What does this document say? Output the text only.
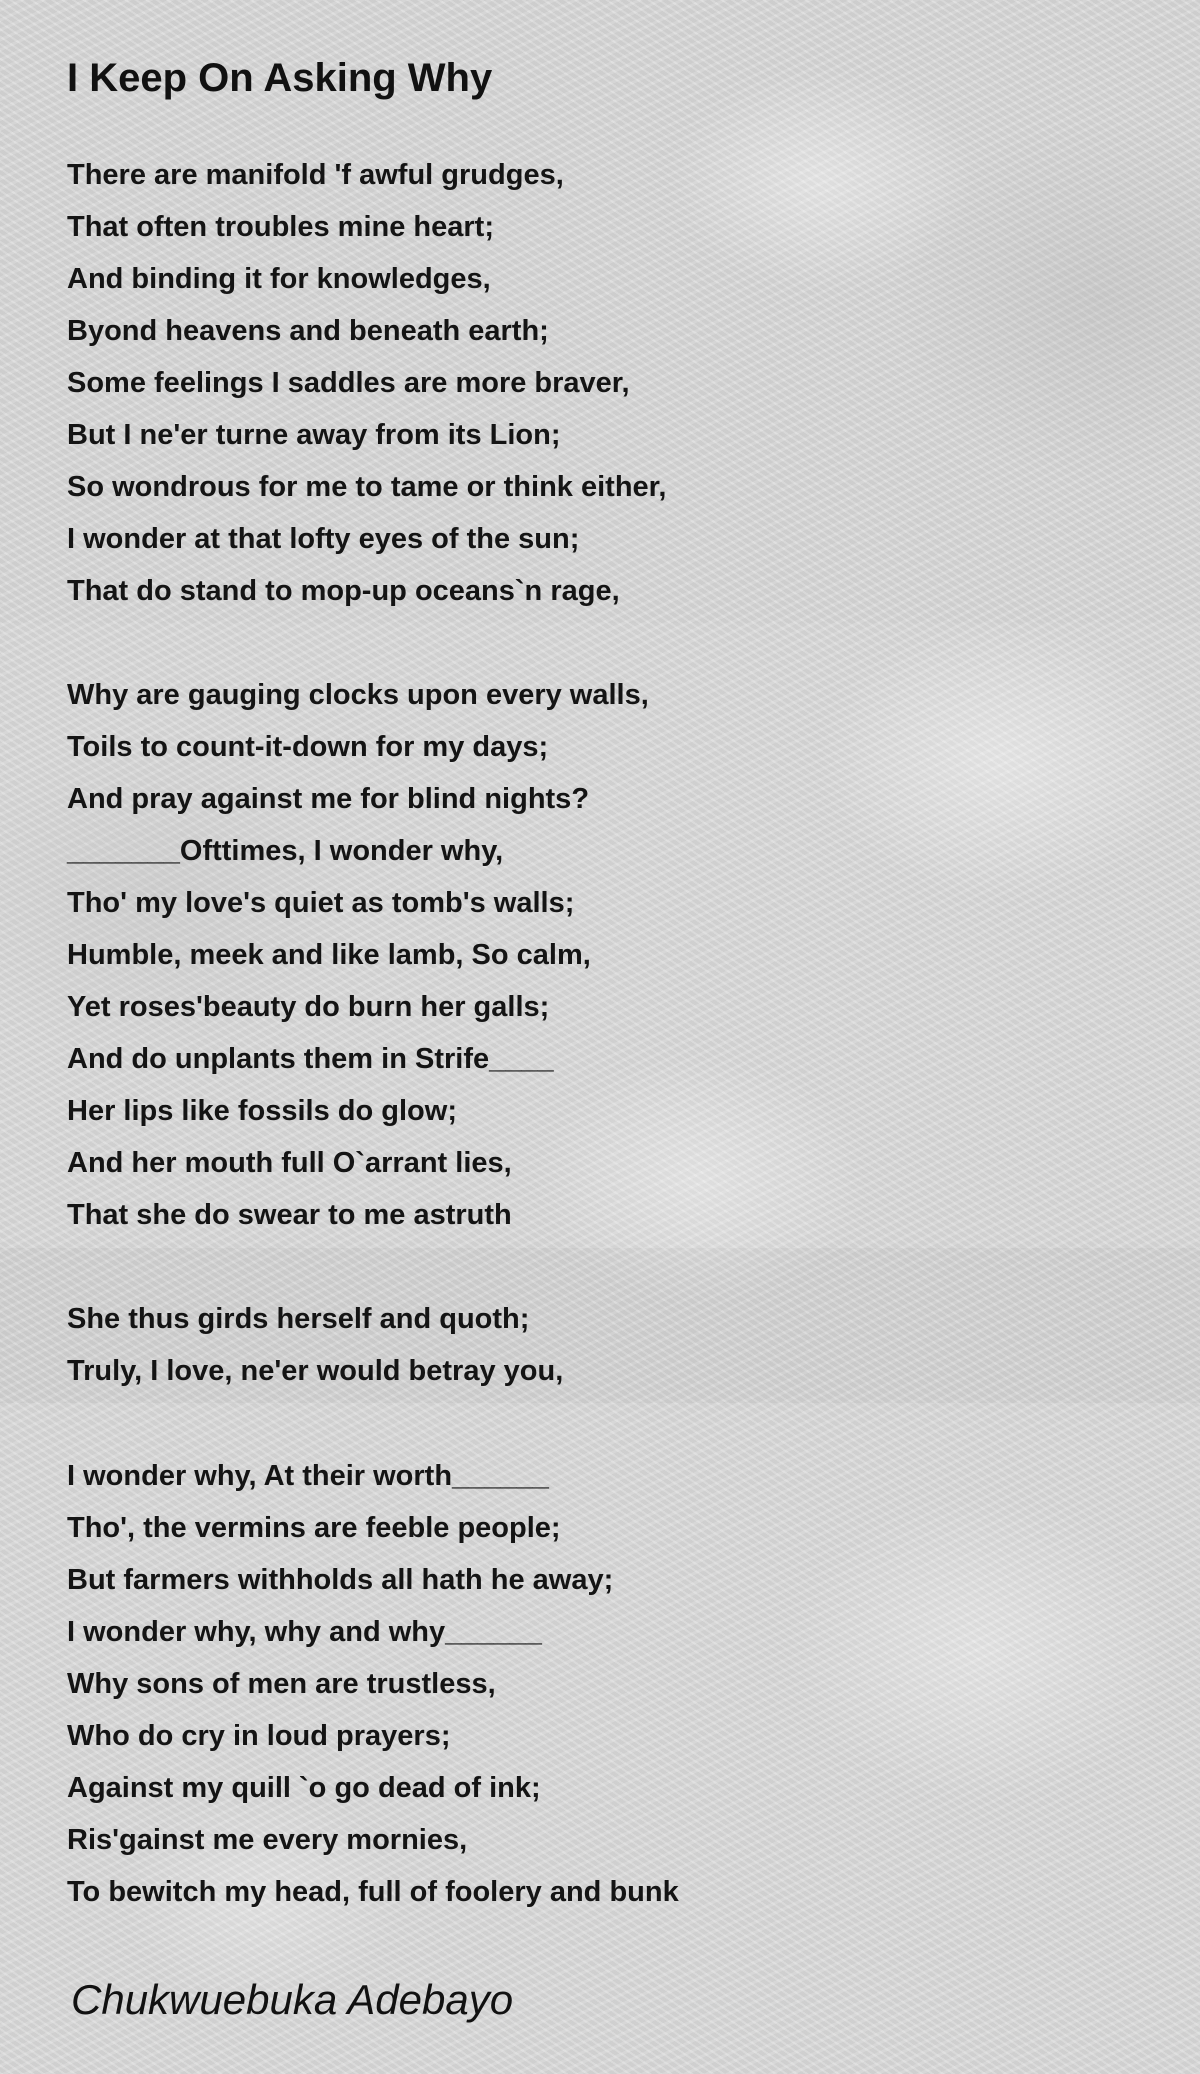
I Keep On Asking Why
There are manifold 'f awful grudges,
That often troubles mine heart;
And binding it for knowledges,
Byond heavens and beneath earth;
Some feelings I saddles are more braver,
But I ne'er turne away from its Lion;
So wondrous for me to tame or think either,
I wonder at that lofty eyes of the sun;
That do stand to mop-up oceans`n rage,
Why are gauging clocks upon every walls,
Toils to count-it-down for my days;
And pray against me for blind nights?
_______Ofttimes, I wonder why,
Tho' my love's quiet as tomb's walls;
Humble, meek and like lamb, So calm,
Yet roses'beauty do burn her galls;
And do unplants them in Strife____
Her lips like fossils do glow;
And her mouth full O`arrant lies,
That she do swear to me astruth
She thus girds herself and quoth;
Truly, I love, ne'er would betray you,
I wonder why, At their worth______
Tho', the vermins are feeble people;
But farmers withholds all hath he away;
I wonder why, why and why______
Why sons of men are trustless,
Who do cry in loud prayers;
Against my quill `o go dead of ink;
Ris'gainst me every mornies,
To bewitch my head, full of foolery and bunk

Chukwuebuka Adebayo
